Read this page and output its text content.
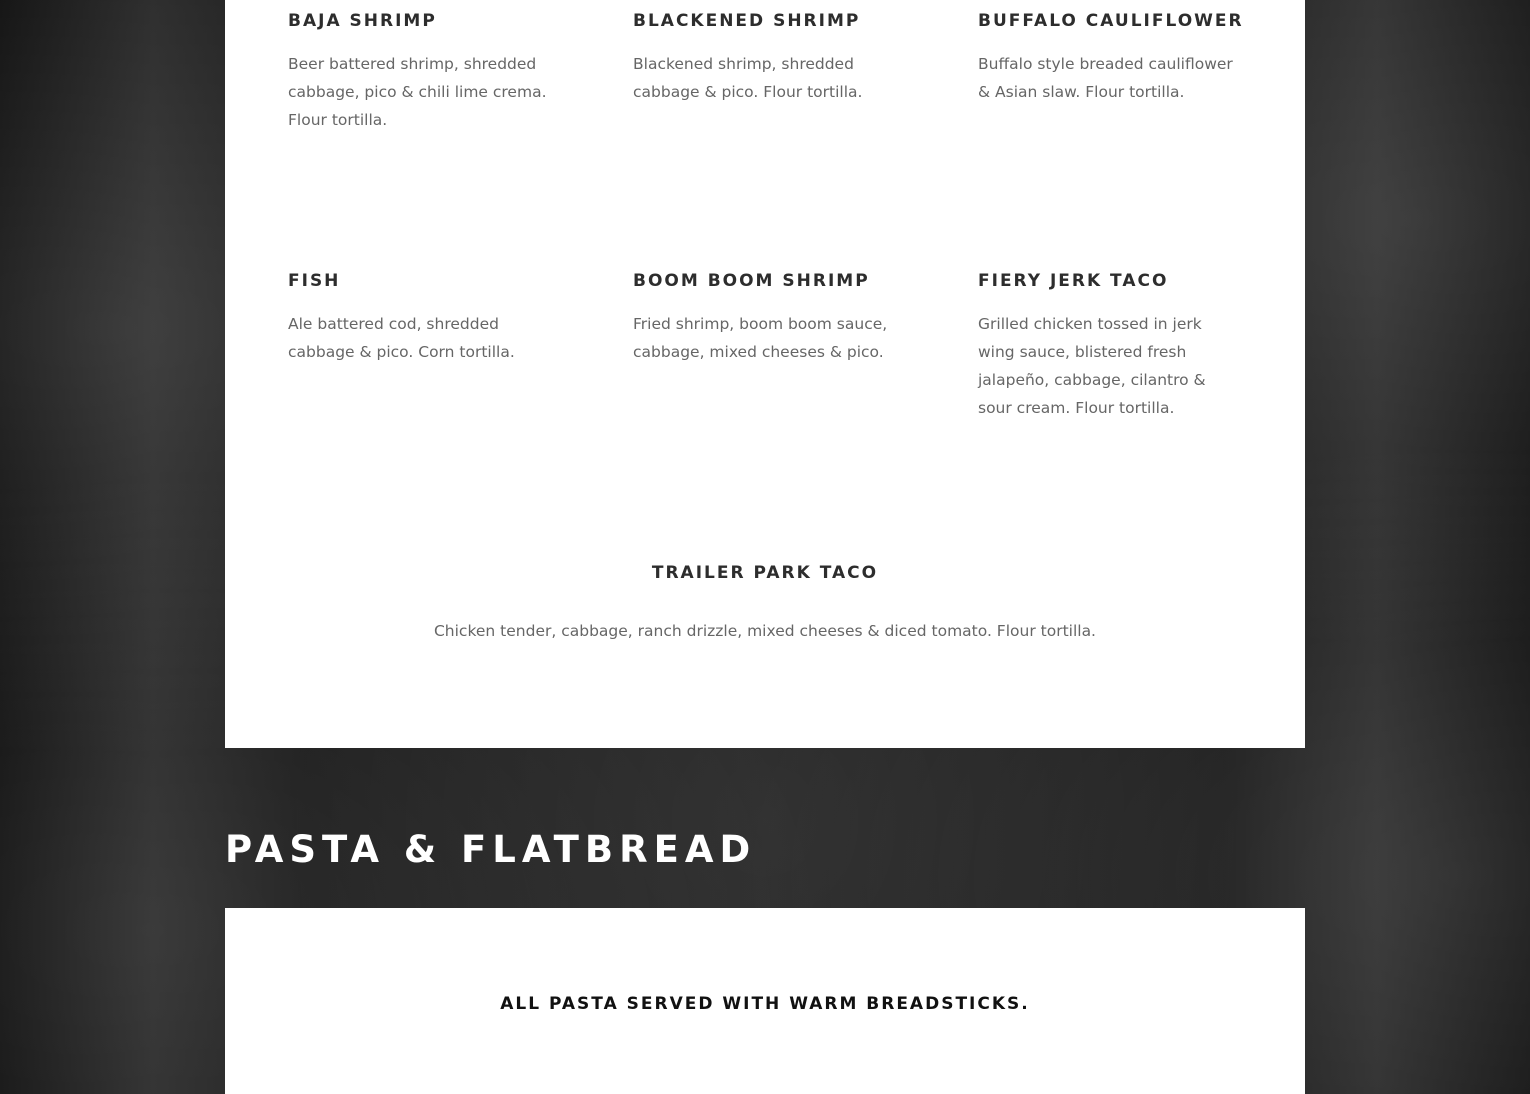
BAJA SHRIMP

Beer battered shrimp, shredded cabbage, pico & chili lime crema. Flour tortilla.

BLACKENED SHRIMP

Blackened shrimp, shredded cabbage & pico. Flour tortilla.

BUFFALO CAULIFLOWER

Buffalo style breaded cauliflower & Asian slaw. Flour tortilla.

FISH

Ale battered cod, shredded cabbage & pico. Corn tortilla.

BOOM BOOM SHRIMP

Fried shrimp, boom boom sauce, cabbage, mixed cheeses & pico.

FIERY JERK TACO

Grilled chicken tossed in jerk wing sauce, blistered fresh jalapeño, cabbage, cilantro & sour cream. Flour tortilla.

TRAILER PARK TACO

Chicken tender, cabbage, ranch drizzle, mixed cheeses & diced tomato. Flour tortilla.

PASTA & FLATBREAD
ALL PASTA SERVED WITH WARM BREADSTICKS.
